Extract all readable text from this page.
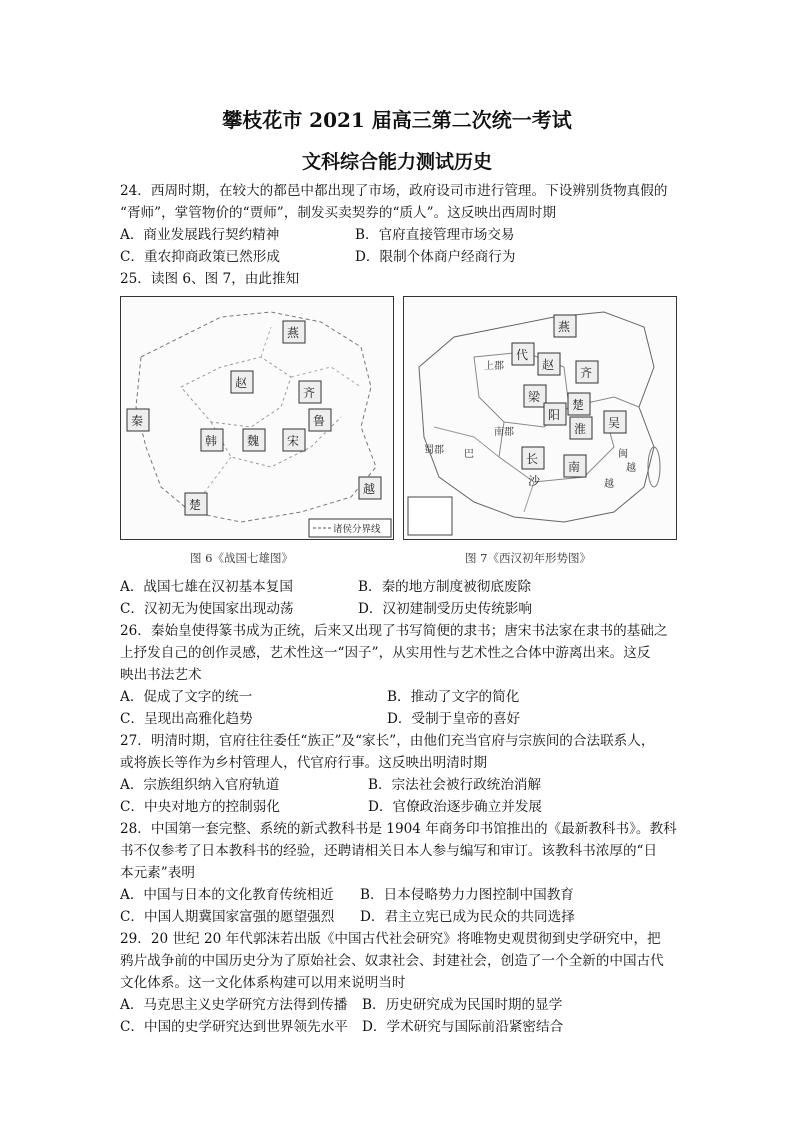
攀枝花市 2021 届高三第二次统一考试
文科综合能力测试历史
24．西周时期，在较大的都邑中都出现了市场，政府设司市进行管理。下设辨别货物真假的
“胥师”，掌管物价的“贾师”，制发买卖契券的“质人”。这反映出西周时期
A．商业发展践行契约精神	B．官府直接管理市场交易
C．重农抑商政策已然形成	D．限制个体商户经商行为
25．读图 6、图 7，由此推知
燕
赵
齐
秦
韩 魏
鲁
宋
越
楚
诸侯分界线
燕
代
赵
齐
梁
阳
楚
淮 吴
南郡
长
沙
南
越
闽
越
蜀郡 巴
上郡
图 6《战国七雄图》	图 7《西汉初年形势图》
A．战国七雄在汉初基本复国	B．秦的地方制度被彻底废除
C．汉初无为使国家出现动荡	D．汉初建制受历史传统影响
26．秦始皇使得篆书成为正统，后来又出现了书写简便的隶书；唐宋书法家在隶书的基础之
上抒发自己的创作灵感，艺术性这一“因子”，从实用性与艺术性之合体中游离出来。这反
映出书法艺术
A．促成了文字的统一	B．推动了文字的简化
C．呈现出高雅化趋势	D．受制于皇帝的喜好
27．明清时期，官府往往委任“族正”及“家长”，由他们充当官府与宗族间的合法联系人，
或将族长等作为乡村管理人，代官府行事。这反映出明清时期
A．宗族组织纳入官府轨道	B．宗法社会被行政统治消解
C．中央对地方的控制弱化	D．官僚政治逐步确立并发展
28．中国第一套完整、系统的新式教科书是 1904 年商务印书馆推出的《最新教科书》。教科
书不仅参考了日本教科书的经验，还聘请相关日本人参与编写和审订。该教科书浓厚的“日
本元素”表明
A．中国与日本的文化教育传统相近 B．日本侵略势力力图控制中国教育
C．中国人期冀国家富强的愿望强烈 D．君主立宪已成为民众的共同选择
29．20 世纪 20 年代郭沫若出版《中国古代社会研究》将唯物史观贯彻到史学研究中，把
鸦片战争前的中国历史分为了原始社会、奴隶社会、封建社会，创造了一个全新的中国古代
文化体系。这一文化体系构建可以用来说明当时
A．马克思主义史学研究方法得到传播 B．历史研究成为民国时期的显学
C．中国的史学研究达到世界领先水平 D．学术研究与国际前沿紧密结合
